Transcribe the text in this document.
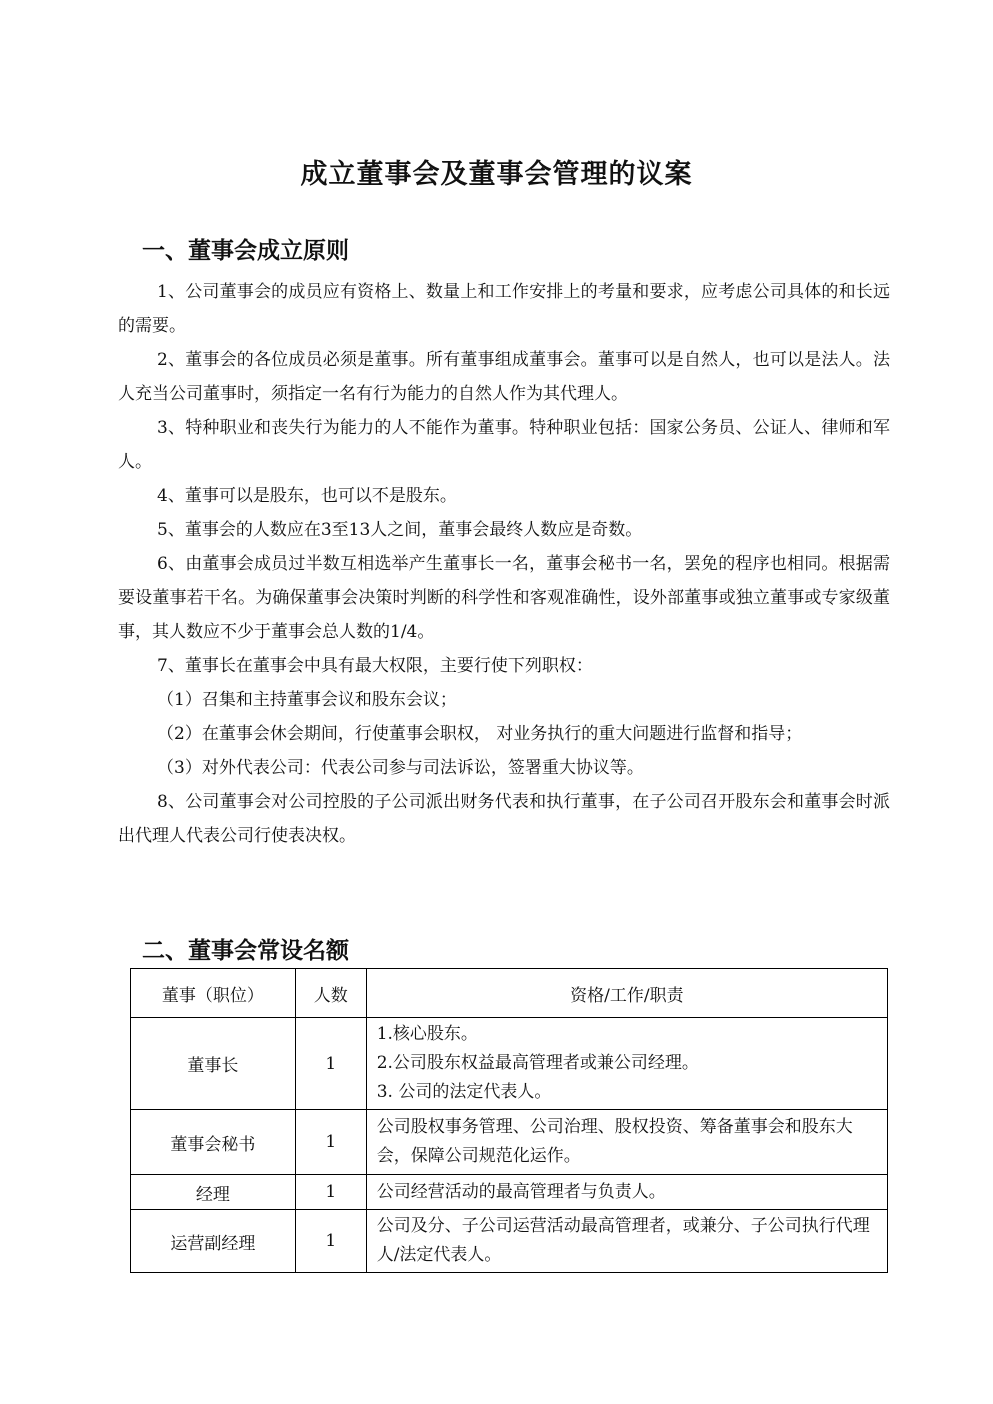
成立董事会及董事会管理的议案
一、董事会成立原则

1、公司董事会的成员应有资格上、数量上和工作安排上的考量和要求，应考虑公司具体的和长远的需要。

2、董事会的各位成员必须是董事。所有董事组成董事会。董事可以是自然人，也可以是法人。法人充当公司董事时，须指定一名有行为能力的自然人作为其代理人。

3、特种职业和丧失行为能力的人不能作为董事。特种职业包括：国家公务员、公证人、律师和军人。

4、董事可以是股东，也可以不是股东。

5、董事会的人数应在3至13人之间，董事会最终人数应是奇数。

6、由董事会成员过半数互相选举产生董事长一名，董事会秘书一名，罢免的程序也相同。根据需要设董事若干名。为确保董事会决策时判断的科学性和客观准确性，设外部董事或独立董事或专家级董事，其人数应不少于董事会总人数的1/4。

7、董事长在董事会中具有最大权限，主要行使下列职权：

（1）召集和主持董事会议和股东会议；

（2）在董事会休会期间，行使董事会职权， 对业务执行的重大问题进行监督和指导；

（3）对外代表公司：代表公司参与司法诉讼，签署重大协议等。

8、公司董事会对公司控股的子公司派出财务代表和执行董事，在子公司召开股东会和董事会时派出代理人代表公司行使表决权。

二、董事会常设名额
董事（职位）	人数	资格/工作/职责
董事长	1	1.核心股东。
2.公司股东权益最高管理者或兼公司经理。
3. 公司的法定代表人。

董事会秘书	1	公司股权事务管理、公司治理、股权投资、筹备董事会和股东大会，保障公司规范化运作。

经理	1	公司经营活动的最高管理者与负责人。

运营副经理	1	公司及分、子公司运营活动最高管理者，或兼分、子公司执行代理人/法定代表人。
